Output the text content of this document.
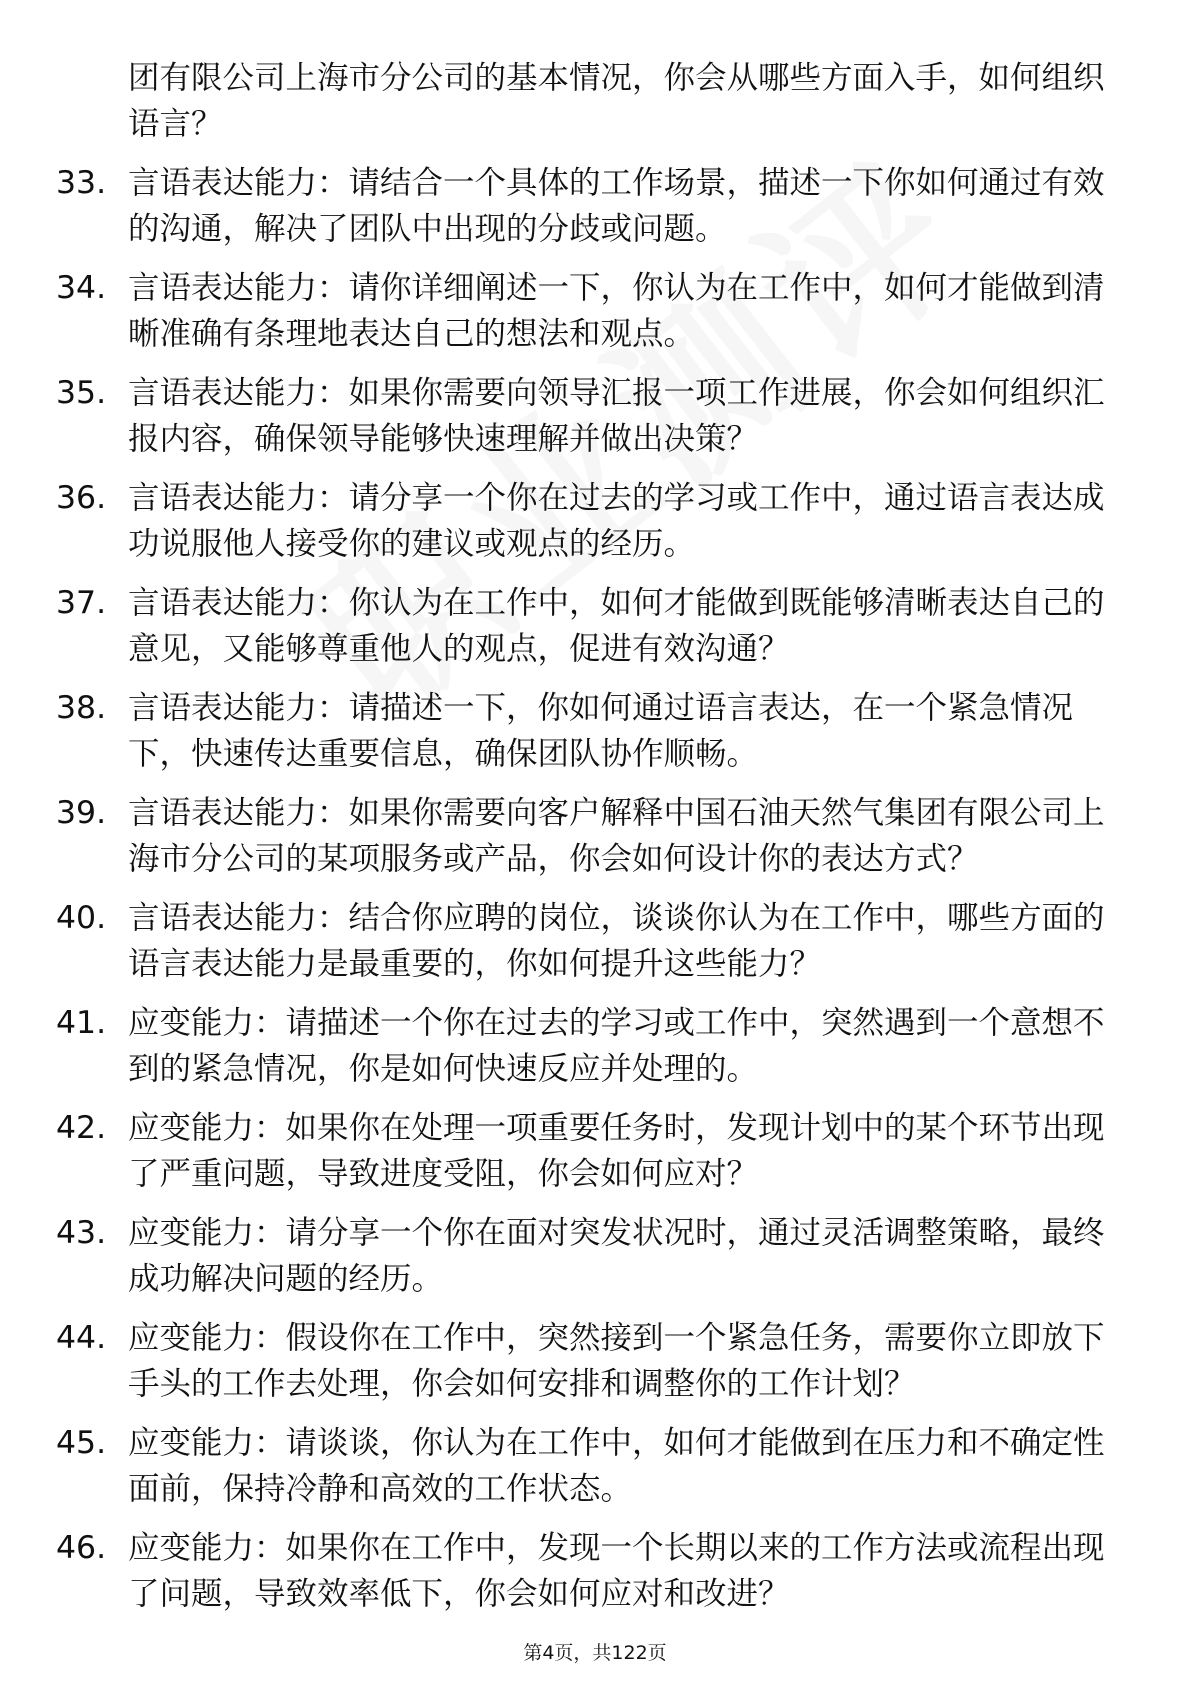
团有限公司上海市分公司的基本情况，你会从哪些方面入手，如何组织语言？
33. 言语表达能力：请结合一个具体的工作场景，描述一下你如何通过有效的沟通，解决了团队中出现的分歧或问题。
34. 言语表达能力：请你详细阐述一下，你认为在工作中，如何才能做到清晰准确有条理地表达自己的想法和观点。
35. 言语表达能力：如果你需要向领导汇报一项工作进展，你会如何组织汇报内容，确保领导能够快速理解并做出决策？
36. 言语表达能力：请分享一个你在过去的学习或工作中，通过语言表达成功说服他人接受你的建议或观点的经历。
37. 言语表达能力：你认为在工作中，如何才能做到既能够清晰表达自己的意见，又能够尊重他人的观点，促进有效沟通？
38. 言语表达能力：请描述一下，你如何通过语言表达，在一个紧急情况下，快速传达重要信息，确保团队协作顺畅。
39. 言语表达能力：如果你需要向客户解释中国石油天然气集团有限公司上海市分公司的某项服务或产品，你会如何设计你的表达方式？
40. 言语表达能力：结合你应聘的岗位，谈谈你认为在工作中，哪些方面的语言表达能力是最重要的，你如何提升这些能力？
41. 应变能力：请描述一个你在过去的学习或工作中，突然遇到一个意想不到的紧急情况，你是如何快速反应并处理的。
42. 应变能力：如果你在处理一项重要任务时，发现计划中的某个环节出现了严重问题，导致进度受阻，你会如何应对？
43. 应变能力：请分享一个你在面对突发状况时，通过灵活调整策略，最终成功解决问题的经历。
44. 应变能力：假设你在工作中，突然接到一个紧急任务，需要你立即放下手头的工作去处理，你会如何安排和调整你的工作计划？
45. 应变能力：请谈谈，你认为在工作中，如何才能做到在压力和不确定性面前，保持冷静和高效的工作状态。
46. 应变能力：如果你在工作中，发现一个长期以来的工作方法或流程出现了问题，导致效率低下，你会如何应对和改进？
第4页，共122页
